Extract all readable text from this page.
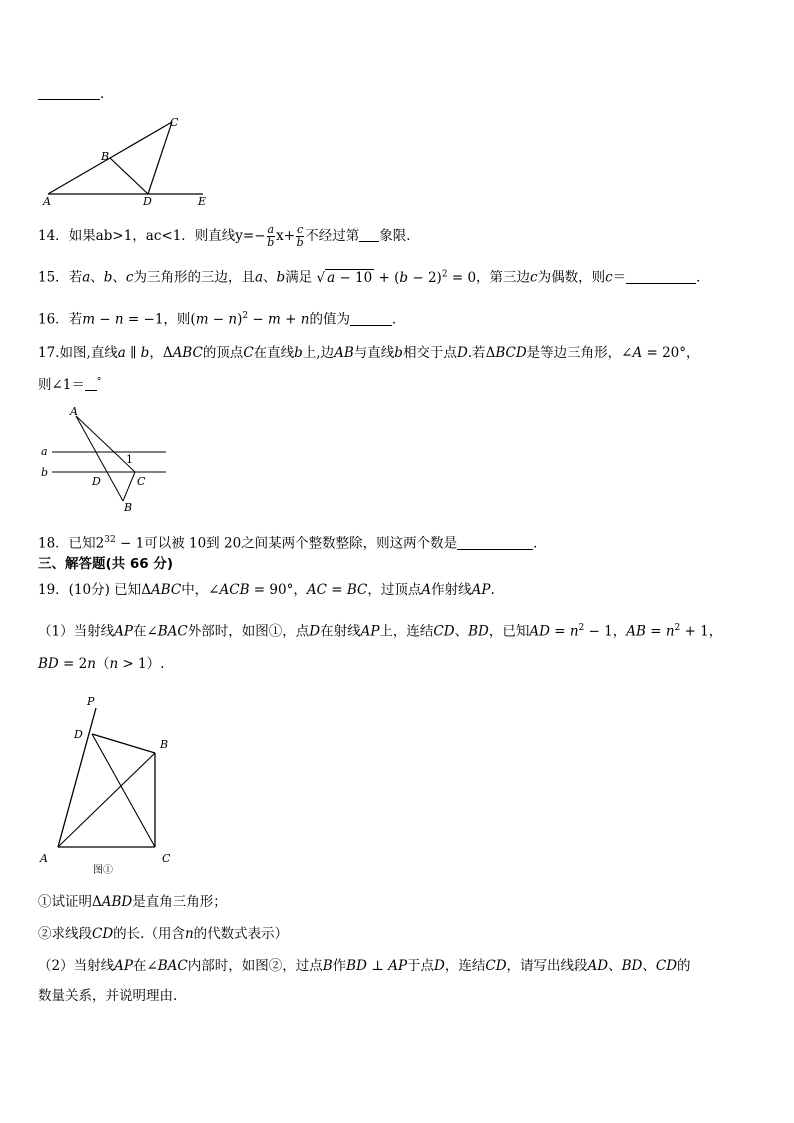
.
A
B
C
D	E
14．如果ab>1，ac<1．则直线$y=- \frac{a}{b} x+ \frac{c}{b}$ 不经过第 象限．
15．若a、b、c为三角形的三边，且a、b满足 √ $a - 10 + (b - 2)^2 = 0$，第三边c为偶数，则c＝	．
16．若m − n = −1，则$(m - n)^2 - m + n$的值为	．
17.如图,直线a ∥ b，ΔABC的顶点C在直线b上,边AB与直线b相交于点D.若ΔBCD是等边三角形，∠A = 20°，
则∠1＝ °
A
a
b
1
D	C
B
18．已知$2^{32} - 1$可以被 10到 20之间某两个整数整除，则这两个数是	．
三、解答题(共 66 分)
19．(10分) 已知ΔABC中，∠ACB = 90°，AC = BC，过顶点A作射线AP.
（1）当射线AP在∠BAC外部时，如图①，点D在射线AP上，连结CD、BD，已知AD = $n^2 - 1$，AB = $n^2 + 1$，
BD = 2n（n > 1）.
P
D
B
A	C
图①
①试证明ΔABD是直角三角形；
②求线段CD的长.（用含n的代数式表示）
（2）当射线AP在∠BAC内部时，如图②，过点B作BD ⊥ AP于点D，连结CD，请写出线段AD、BD、CD的
数量关系，并说明理由.
